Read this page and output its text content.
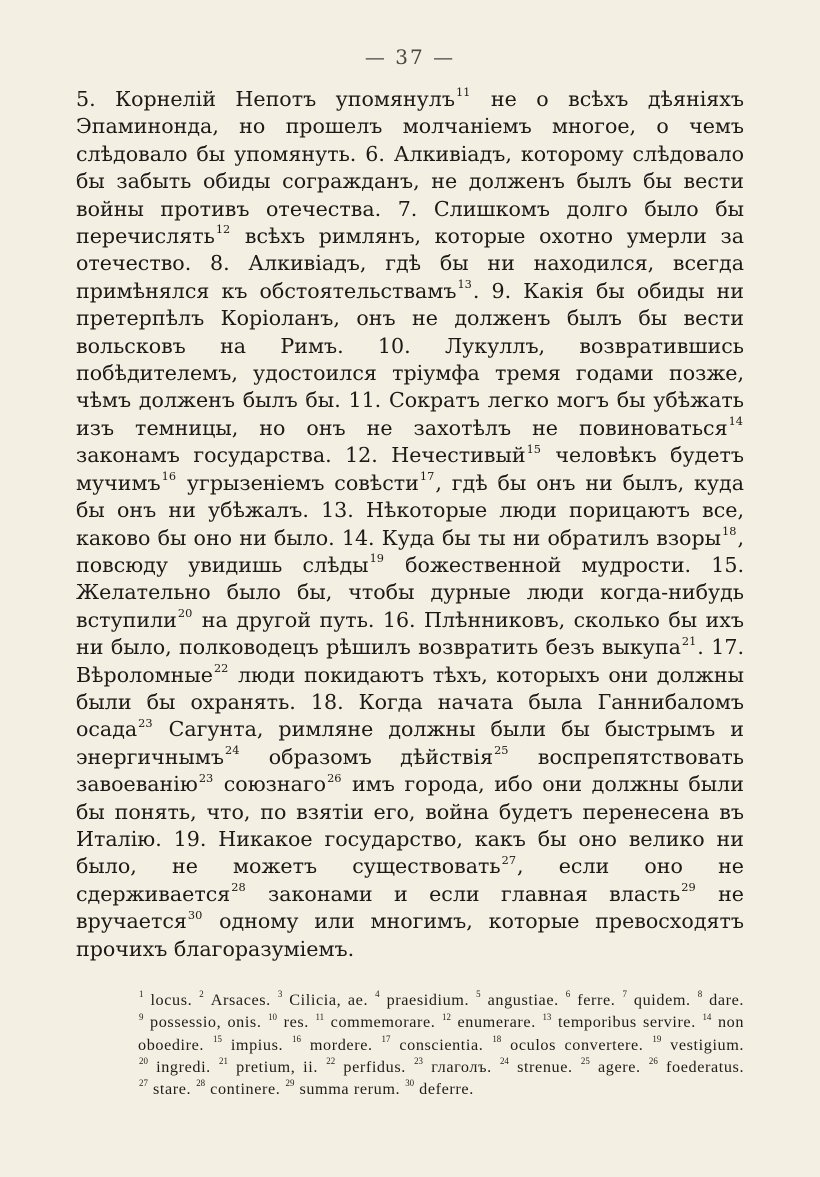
— 37 —

5. Корнелій Непотъ упомянулъ$^{11}$ не о всѣхъ дѣяніяхъ Эпаминонда, но прошелъ молчаніемъ многое, о чемъ слѣдовало бы упомянуть. 6. Алкивіадъ, которому слѣдовало бы забыть обиды согражданъ, не долженъ былъ бы вести войны противъ отечества. 7. Слишкомъ долго было бы перечислять$^{12}$ всѣхъ римлянъ, которые охотно умерли за отечество. 8. Алкивіадъ, гдѣ бы ни находился, всегда примѣнялся къ обстоятельствамъ$^{13}$. 9. Какія бы обиды ни претерпѣлъ Коріоланъ, онъ не долженъ былъ бы вести вольсковъ на Римъ. 10. Лукуллъ, возвратившись побѣдителемъ, удостоился тріумфа тремя годами позже, чѣмъ долженъ былъ бы. 11. Сократъ легко могъ бы убѣжать изъ темницы, но онъ не захотѣлъ не повиноваться$^{14}$ законамъ государства. 12. Нечестивый$^{15}$ человѣкъ будетъ мучимъ$^{16}$ угрызеніемъ совѣсти$^{17}$, гдѣ бы онъ ни былъ, куда бы онъ ни убѣжалъ. 13. Нѣкоторые люди порицаютъ все, каково бы оно ни было. 14. Куда бы ты ни обратилъ взоры$^{18}$, повсюду увидишь слѣды$^{19}$ божественной мудрости. 15. Желательно было бы, чтобы дурные люди когда-нибудь вступили$^{20}$ на другой путь. 16. Плѣнниковъ, сколько бы ихъ ни было, полководецъ рѣшилъ возвратить безъ выкупа$^{21}$. 17. Вѣроломные$^{22}$ люди покидаютъ тѣхъ, которыхъ они должны были бы охранять. 18. Когда начата была Ганнибаломъ осада$^{23}$ Сагунта, римляне должны были бы быстрымъ и энергичнымъ$^{24}$ образомъ дѣйствія$^{25}$ воспрепятствовать завоеванію$^{23}$ союзнаго$^{26}$ имъ города, ибо они должны были бы понять, что, по взятіи его, война будетъ перенесена въ Италію. 19. Никакое государство, какъ бы оно велико ни было, не можетъ существовать$^{27}$, если оно не сдерживается$^{28}$ законами и если главная власть$^{29}$ не вручается$^{30}$ одному или многимъ, которые превосходятъ прочихъ благоразуміемъ.

$^1$ locus. $^2$ Arsaces. $^3$ Cilicia, ae. $^4$ praesidium. $^5$ angustiae. $^6$ ferre. $^7$ quidem. $^8$ dare. $^9$ possessio, onis. $^{10}$ res. $^{11}$ commemorare. $^{12}$ enumerare. $^{13}$ temporibus servire. $^{14}$ non oboedire. $^{15}$ impius. $^{16}$ mordere. $^{17}$ conscientia. $^{18}$ oculos convertere. $^{19}$ vestigium. $^{20}$ ingredi. $^{21}$ pretium, ii. $^{22}$ perfidus. $^{23}$ глаголъ. $^{24}$ strenue. $^{25}$ agere. $^{26}$ foederatus. $^{27}$ stare. $^{28}$ continere. $^{29}$ summa rerum. $^{30}$ deferre.
